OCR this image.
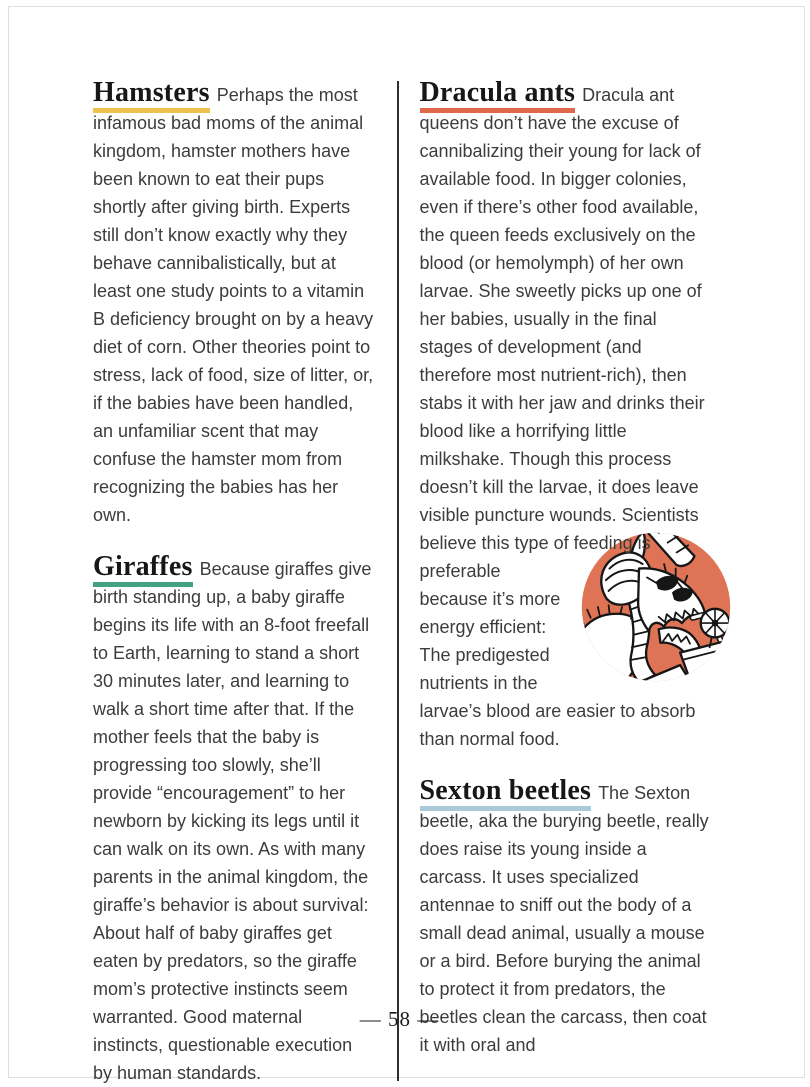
Hamsters Perhaps the most infamous bad moms of the animal kingdom, hamster mothers have been known to eat their pups shortly after giving birth. Experts still don’t know exactly why they behave cannibalistically, but at least one study points to a vitamin B deficiency brought on by a heavy diet of corn. Other theories point to stress, lack of food, size of litter, or, if the babies have been handled, an unfamiliar scent that may confuse the hamster mom from recognizing the babies has her own.
Giraffes Because giraffes give birth standing up, a baby giraffe begins its life with an 8-foot freefall to Earth, learning to stand a short 30 minutes later, and learning to walk a short time after that. If the mother feels that the baby is progressing too slowly, she’ll provide “encouragement” to her newborn by kicking its legs until it can walk on its own. As with many parents in the animal kingdom, the giraffe’s behavior is about survival: About half of baby giraffes get eaten by predators, so the giraffe mom’s protective instincts seem warranted. Good maternal instincts, questionable execution by human standards.
Dracula ants Dracula ant queens don’t have the excuse of cannibalizing their young for lack of available food. In bigger colonies, even if there’s other food available, the queen feeds exclusively on the blood (or hemolymph) of her own larvae. She sweetly picks up one of her babies, usually in the final stages of development (and therefore most nutrient-rich), then stabs it with her jaw and drinks their blood like a horrifying little milkshake. Though this process doesn’t kill the larvae, it does leave visible puncture wounds. Scientists believe this type of
feeding is preferable because it’s more energy efficient: The predigested nutrients in the larvae’s blood are easier to absorb than normal food.
Sexton beetles The Sexton beetle, aka the burying beetle, really does raise its young inside a carcass. It uses specialized antennae to sniff out the body of a small dead animal, usually a mouse or a bird. Before burying the animal to protect it from predators, the beetles clean the carcass, then coat it with oral and
— 58 —
